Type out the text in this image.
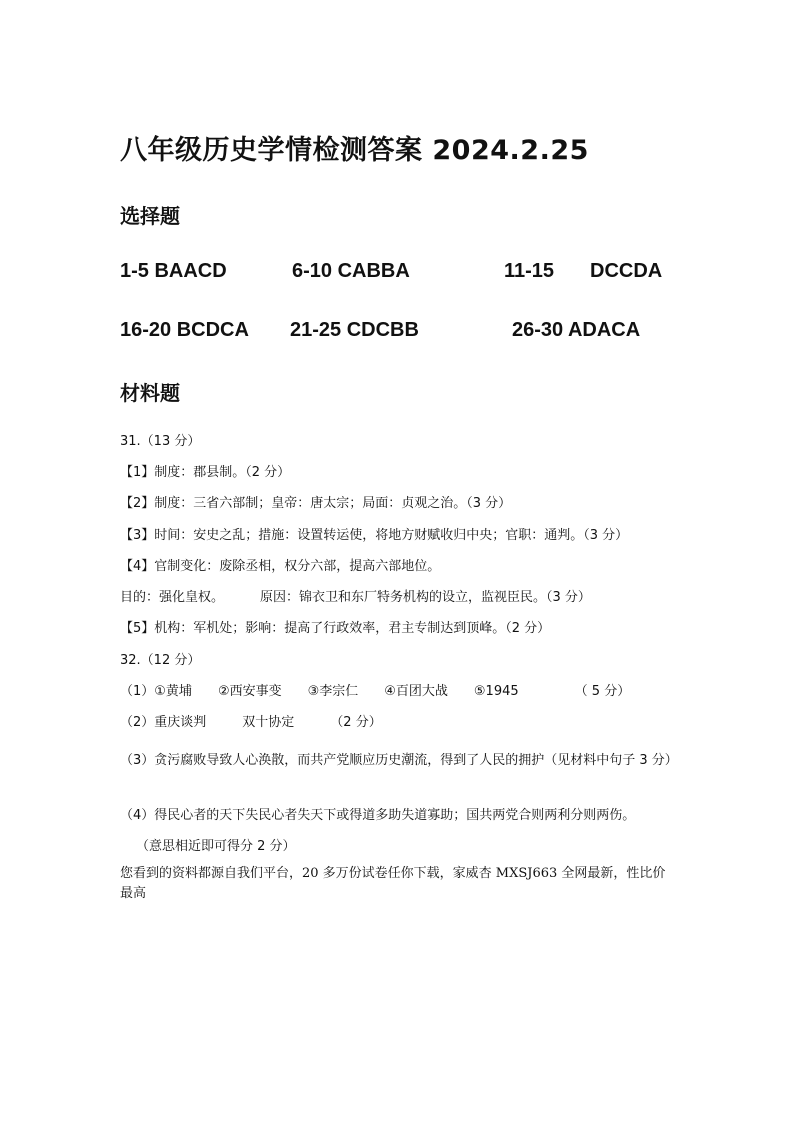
八年级历史学情检测答案 2024.2.25
选择题
1-5 BAACD	6-10 CABBA	11-15 DCCDA
16-20 BCDCA 21-25 CDCBB	26-30 ADACA
材料题
31.（13 分）
【1】制度：郡县制。（2 分）
【2】制度：三省六部制；皇帝：唐太宗；局面：贞观之治。（3 分）
【3】时间：安史之乱；措施：设置转运使，将地方财赋收归中央；官职：通判。（3 分）
【4】官制变化：废除丞相，权分六部，提高六部地位。
目的：强化皇权。	原因：锦衣卫和东厂特务机构的设立，监视臣民。（3 分）
【5】机构：军机处；影响：提高了行政效率，君主专制达到顶峰。（2 分）
32.（12 分）
（1）①黄埔 ②西安事变 ③李宗仁 ④百团大战 ⑤1945	（ 5 分）
（2）重庆谈判	双十协定	（2 分）
（3）贪污腐败导致人心涣散，而共产党顺应历史潮流，得到了人民的拥护（见材料中句子 3 分）
（4）得民心者的天下失民心者失天下或得道多助失道寡助；国共两党合则两利分则两伤。
（意思相近即可得分 2 分）
您看到的资料都源自我们平台，20 多万份试卷任你下载，家威杏 MXSJ663 全网最新，性比价最高
